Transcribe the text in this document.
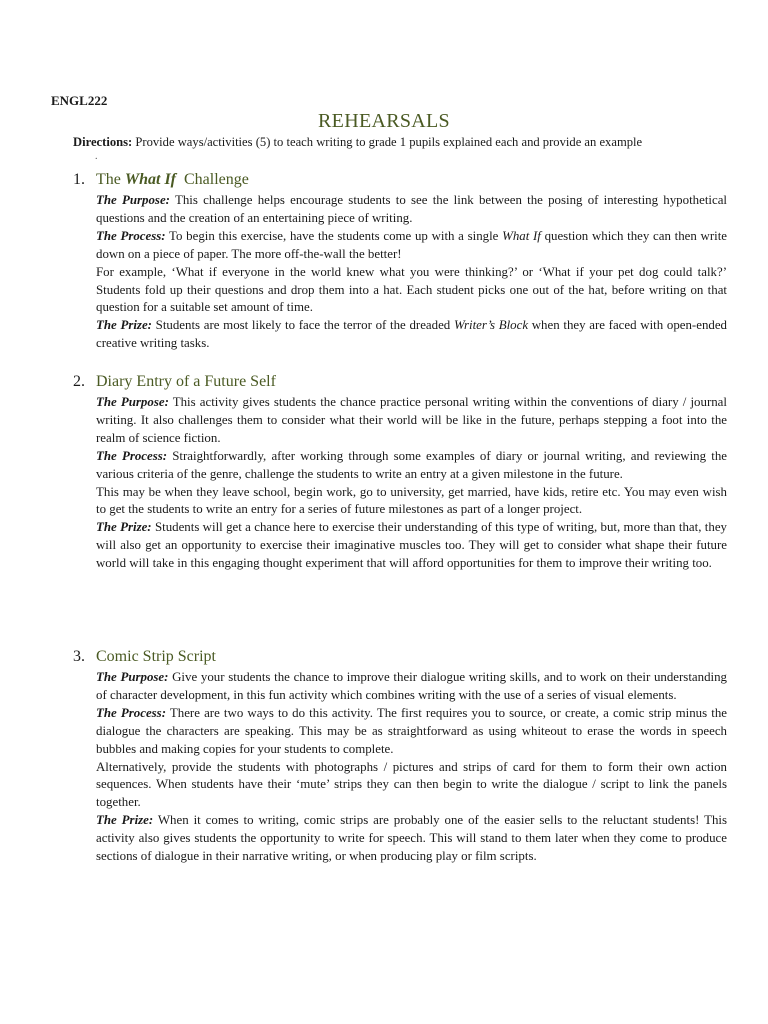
ENGL222
REHEARSALS
Directions: Provide ways/activities (5) to teach writing to grade 1 pupils explained each and provide an example
.
1. The What If  Challenge

The Purpose: This challenge helps encourage students to see the link between the posing of interesting hypothetical questions and the creation of an entertaining piece of writing.

The Process: To begin this exercise, have the students come up with a single What If question which they can then write down on a piece of paper. The more off-the-wall the better!

For example, ‘What if everyone in the world knew what you were thinking?’ or ‘What if your pet dog could talk?’ Students fold up their questions and drop them into a hat. Each student picks one out of the hat, before writing on that question for a suitable set amount of time.

The Prize: Students are most likely to face the terror of the dreaded Writer’s Block when they are faced with open-ended creative writing tasks.

2. Diary Entry of a Future Self

The Purpose: This activity gives students the chance practice personal writing within the conventions of diary / journal writing. It also challenges them to consider what their world will be like in the future, perhaps stepping a foot into the realm of science fiction.

The Process: Straightforwardly, after working through some examples of diary or journal writing, and reviewing the various criteria of the genre, challenge the students to write an entry at a given milestone in the future.

This may be when they leave school, begin work, go to university, get married, have kids, retire etc. You may even wish to get the students to write an entry for a series of future milestones as part of a longer project.

The Prize: Students will get a chance here to exercise their understanding of this type of writing, but, more than that, they will also get an opportunity to exercise their imaginative muscles too. They will get to consider what shape their future world will take in this engaging thought experiment that will afford opportunities for them to improve their writing too.

3. Comic Strip Script

The Purpose: Give your students the chance to improve their dialogue writing skills, and to work on their understanding of character development, in this fun activity which combines writing with the use of a series of visual elements.

The Process: There are two ways to do this activity. The first requires you to source, or create, a comic strip minus the dialogue the characters are speaking. This may be as straightforward as using whiteout to erase the words in speech bubbles and making copies for your students to complete.

Alternatively, provide the students with photographs / pictures and strips of card for them to form their own action sequences. When students have their ‘mute’ strips they can then begin to write the dialogue / script to link the panels together.

The Prize: When it comes to writing, comic strips are probably one of the easier sells to the reluctant students! This activity also gives students the opportunity to write for speech. This will stand to them later when they come to produce sections of dialogue in their narrative writing, or when producing play or film scripts.
